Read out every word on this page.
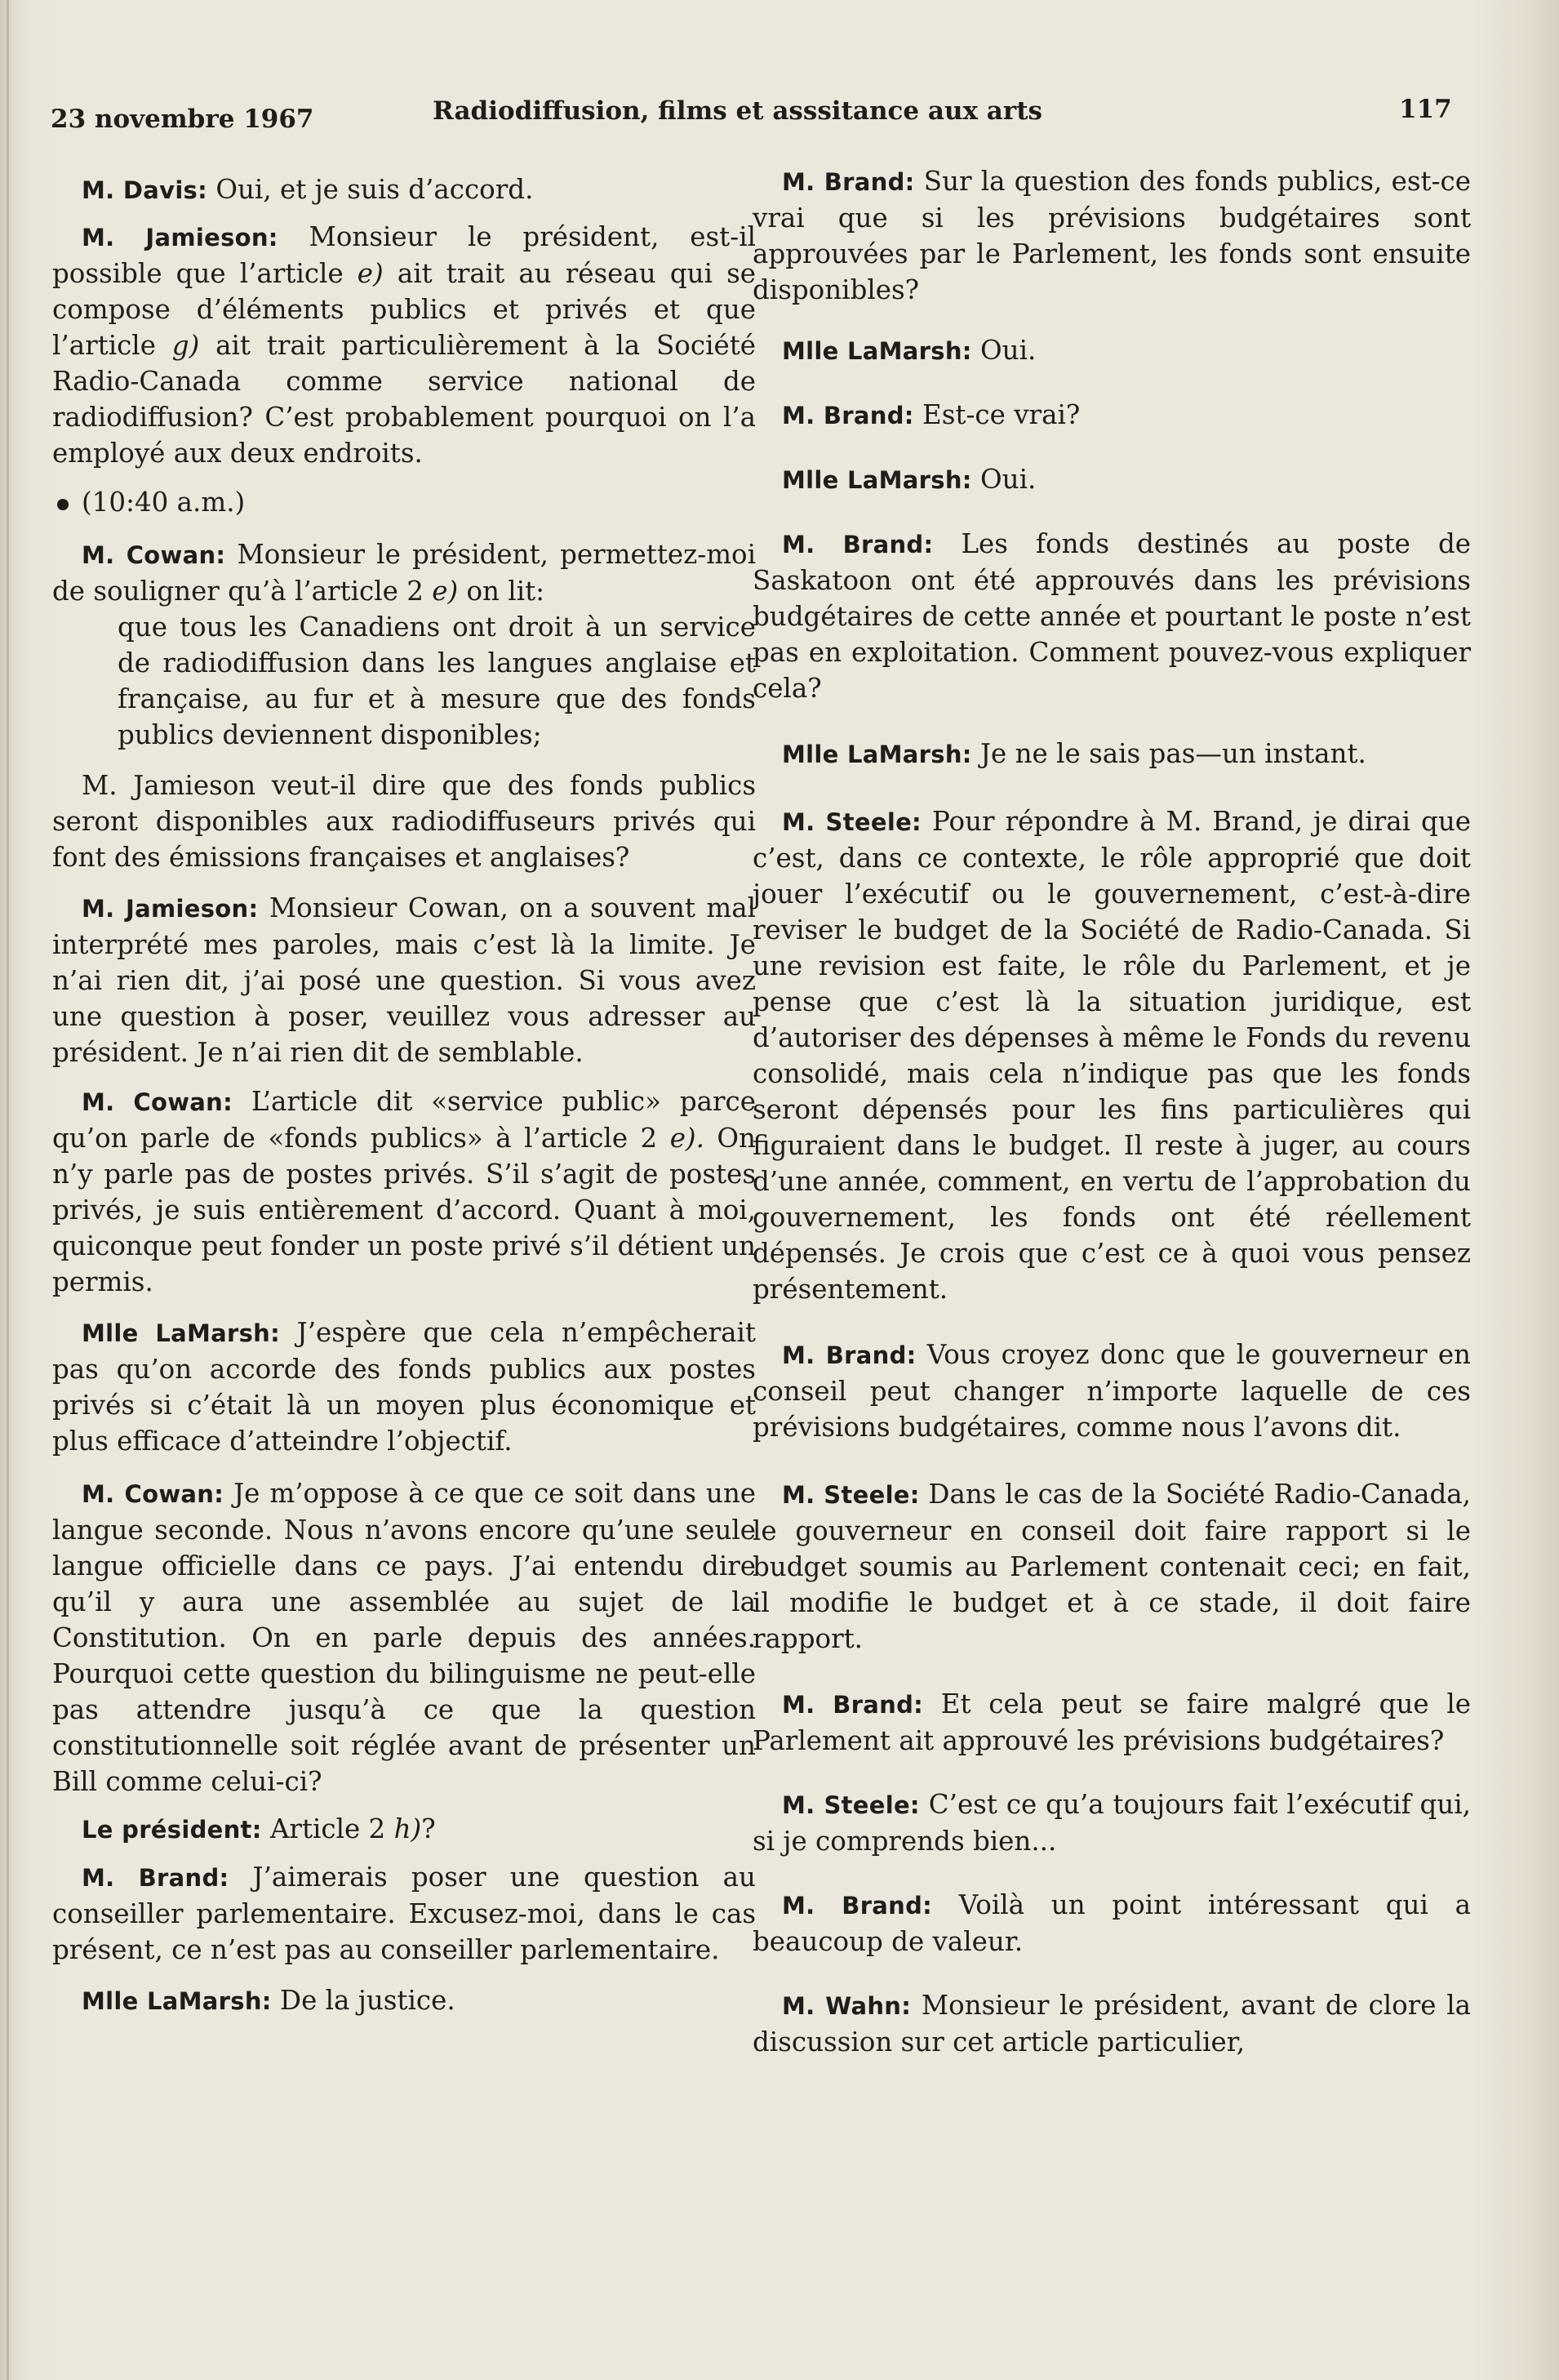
23 novembre 1967	Radiodiffusion, films et asssitance aux arts	117

M. Davis: Oui, et je suis d’accord.

M. Jamieson: Monsieur le président, est-il possible que l’article e) ait trait au réseau qui se compose d’éléments publics et privés et que l’article g) ait trait particulièrement à la Société Radio-Canada comme service national de radiodiffusion? C’est probablement pourquoi on l’a employé aux deux endroits.

(10:40 a.m.)

M. Cowan: Monsieur le président, permettez-moi de souligner qu’à l’article 2 e) on lit:

que tous les Canadiens ont droit à un service de radiodiffusion dans les langues anglaise et française, au fur et à mesure que des fonds publics deviennent disponibles;

M. Jamieson veut-il dire que des fonds publics seront disponibles aux radiodiffuseurs privés qui font des émissions françaises et anglaises?

M. Jamieson: Monsieur Cowan, on a souvent mal interprété mes paroles, mais c’est là la limite. Je n’ai rien dit, j’ai posé une question. Si vous avez une question à poser, veuillez vous adresser au président. Je n’ai rien dit de semblable.

M. Cowan: L’article dit «service public» parce qu’on parle de «fonds publics» à l’article 2 e). On n’y parle pas de postes privés. S’il s’agit de postes privés, je suis entièrement d’accord. Quant à moi, quiconque peut fonder un poste privé s’il détient un permis.

Mlle LaMarsh: J’espère que cela n’empêcherait pas qu’on accorde des fonds publics aux postes privés si c’était là un moyen plus économique et plus efficace d’atteindre l’objectif.

M. Cowan: Je m’oppose à ce que ce soit dans une langue seconde. Nous n’avons encore qu’une seule langue officielle dans ce pays. J’ai entendu dire qu’il y aura une assemblée au sujet de la Constitution. On en parle depuis des années. Pourquoi cette question du bilinguisme ne peut-elle pas attendre jusqu’à ce que la question constitutionnelle soit réglée avant de présenter un Bill comme celui-ci?

Le président: Article 2 h)?

M. Brand: J’aimerais poser une question au conseiller parlementaire. Excusez-moi, dans le cas présent, ce n’est pas au conseiller parlementaire.

Mlle LaMarsh: De la justice.

M. Brand: Sur la question des fonds publics, est-ce vrai que si les prévisions budgétaires sont approuvées par le Parlement, les fonds sont ensuite disponibles?

Mlle LaMarsh: Oui.

M. Brand: Est-ce vrai?

Mlle LaMarsh: Oui.

M. Brand: Les fonds destinés au poste de Saskatoon ont été approuvés dans les prévisions budgétaires de cette année et pourtant le poste n’est pas en exploitation. Comment pouvez-vous expliquer cela?

Mlle LaMarsh: Je ne le sais pas—un instant.

M. Steele: Pour répondre à M. Brand, je dirai que c’est, dans ce contexte, le rôle approprié que doit jouer l’exécutif ou le gouvernement, c’est-à-dire reviser le budget de la Société de Radio-Canada. Si une revision est faite, le rôle du Parlement, et je pense que c’est là la situation juridique, est d’autoriser des dépenses à même le Fonds du revenu consolidé, mais cela n’indique pas que les fonds seront dépensés pour les fins particulières qui figuraient dans le budget. Il reste à juger, au cours d’une année, comment, en vertu de l’approbation du gouvernement, les fonds ont été réellement dépensés. Je crois que c’est ce à quoi vous pensez présentement.

M. Brand: Vous croyez donc que le gouverneur en conseil peut changer n’importe laquelle de ces prévisions budgétaires, comme nous l’avons dit.

M. Steele: Dans le cas de la Société Radio-Canada, le gouverneur en conseil doit faire rapport si le budget soumis au Parlement contenait ceci; en fait, il modifie le budget et à ce stade, il doit faire rapport.

M. Brand: Et cela peut se faire malgré que le Parlement ait approuvé les prévisions budgétaires?

M. Steele: C’est ce qu’a toujours fait l’exécutif qui, si je comprends bien...

M. Brand: Voilà un point intéressant qui a beaucoup de valeur.

M. Wahn: Monsieur le président, avant de clore la discussion sur cet article particulier,
